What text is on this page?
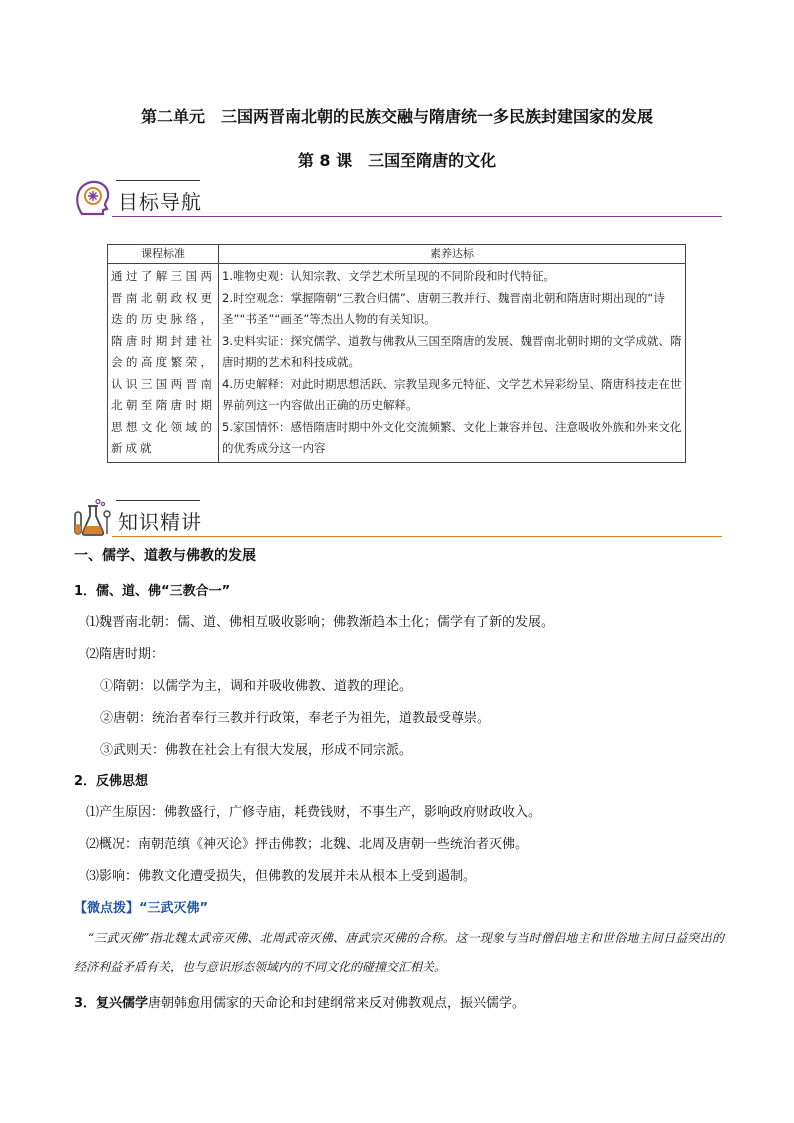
第二单元　三国两晋南北朝的民族交融与隋唐统一多民族封建国家的发展
第 8 课　三国至隋唐的文化
目标导航
课程标准	素养达标
通过了解三国两晋南北朝政权更迭的历史脉络，隋唐时期封建社会的高度繁荣，认识三国两晋南北朝至隋唐时期思想文化领域的新成就	1.唯物史观：认知宗教、文学艺术所呈现的不同阶段和时代特征。
2.时空观念：掌握隋朝“三教合归儒”、唐朝三教并行、魏晋南北朝和隋唐时期出现的“诗圣”“书圣”“画圣”等杰出人物的有关知识。
3.史料实证：探究儒学、道教与佛教从三国至隋唐的发展、魏晋南北朝时期的文学成就、隋唐时期的艺术和科技成就。
4.历史解释：对此时期思想活跃、宗教呈现多元特征、文学艺术异彩纷呈、隋唐科技走在世界前列这一内容做出正确的历史解释。
5.家国情怀：感悟隋唐时期中外文化交流频繁、文化上兼容并包、注意吸收外族和外来文化的优秀成分这一内容
知识精讲
一、儒学、道教与佛教的发展
1．儒、道、佛“三教合一”
⑴魏晋南北朝：儒、道、佛相互吸收影响；佛教渐趋本土化；儒学有了新的发展。
⑵隋唐时期：
①隋朝：以儒学为主，调和并吸收佛教、道教的理论。
②唐朝：统治者奉行三教并行政策，奉老子为祖先，道教最受尊崇。
③武则天：佛教在社会上有很大发展，形成不同宗派。
2．反佛思想
⑴产生原因：佛教盛行，广修寺庙，耗费钱财，不事生产，影响政府财政收入。
⑵概况：南朝范缜《神灭论》抨击佛教；北魏、北周及唐朝一些统治者灭佛。
⑶影响：佛教文化遭受损失，但佛教的发展并未从根本上受到遏制。
【微点拨】“三武灭佛”
“三武灭佛”指北魏太武帝灭佛、北周武帝灭佛、唐武宗灭佛的合称。这一现象与当时僧侣地主和世俗地主间日益突出的经济利益矛盾有关，也与意识形态领域内的不同文化的碰撞交汇相关。
3．复兴儒学唐朝韩愈用儒家的天命论和封建纲常来反对佛教观点，振兴儒学。
